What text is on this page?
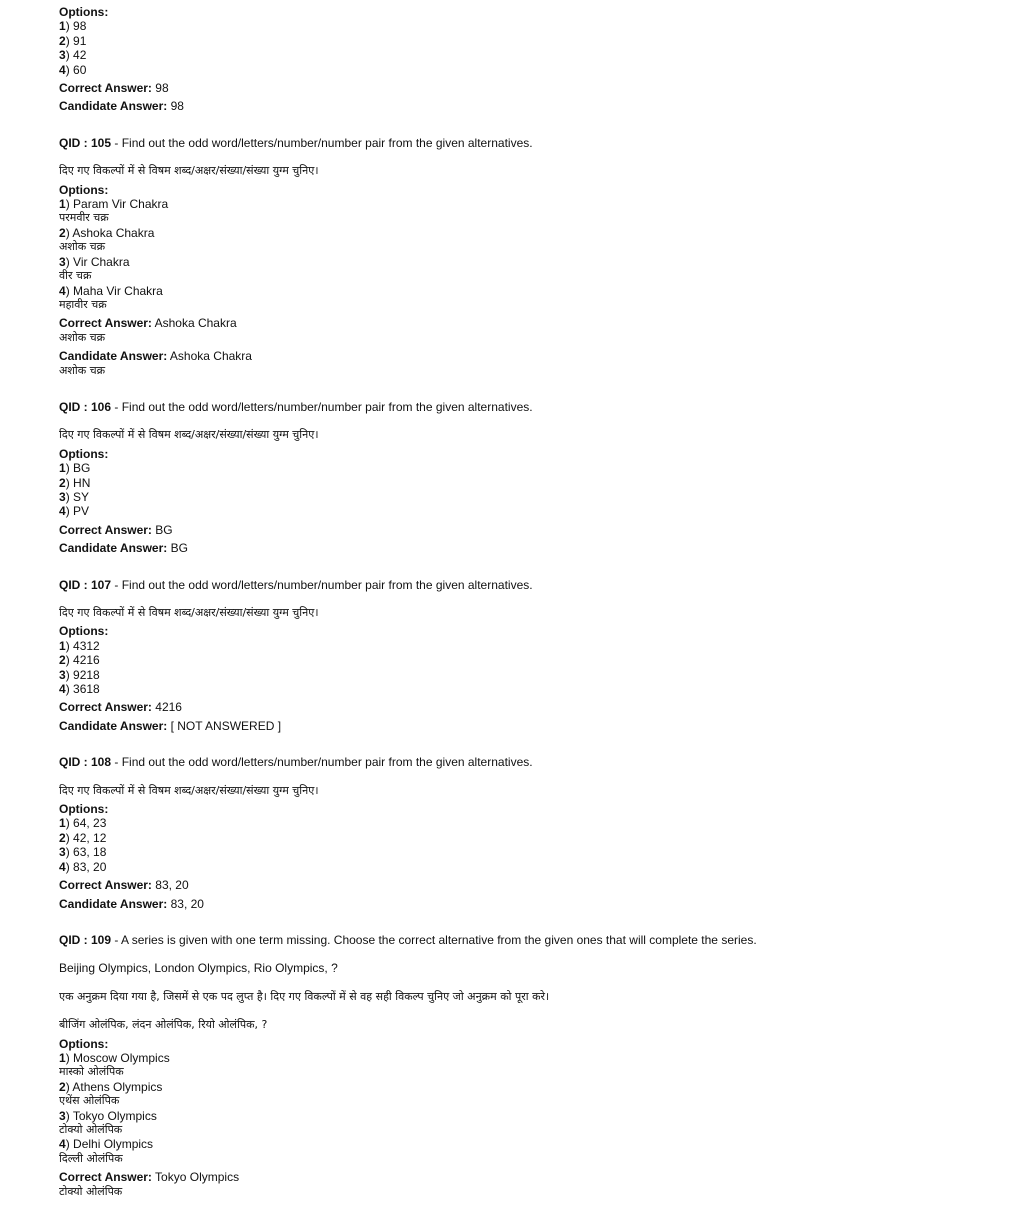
Options:
1) 98
2) 91
3) 42
4) 60
Correct Answer: 98
Candidate Answer: 98
QID : 105 - Find out the odd word/letters/number/number pair from the given alternatives.
दिए गए विकल्पों में से विषम शब्द/अक्षर/संख्या/संख्या युग्म चुनिए।
Options:
1) Param Vir Chakra
परमवीर चक्र
2) Ashoka Chakra
अशोक चक्र
3) Vir Chakra
वीर चक्र
4) Maha Vir Chakra
महावीर चक्र
Correct Answer: Ashoka Chakra
अशोक चक्र
Candidate Answer: Ashoka Chakra
अशोक चक्र
QID : 106 - Find out the odd word/letters/number/number pair from the given alternatives.
दिए गए विकल्पों में से विषम शब्द/अक्षर/संख्या/संख्या युग्म चुनिए।
Options:
1) BG
2) HN
3) SY
4) PV
Correct Answer: BG
Candidate Answer: BG
QID : 107 - Find out the odd word/letters/number/number pair from the given alternatives.
दिए गए विकल्पों में से विषम शब्द/अक्षर/संख्या/संख्या युग्म चुनिए।
Options:
1) 4312
2) 4216
3) 9218
4) 3618
Correct Answer: 4216
Candidate Answer: [ NOT ANSWERED ]
QID : 108 - Find out the odd word/letters/number/number pair from the given alternatives.
दिए गए विकल्पों में से विषम शब्द/अक्षर/संख्या/संख्या युग्म चुनिए।
Options:
1) 64, 23
2) 42, 12
3) 63, 18
4) 83, 20
Correct Answer: 83, 20
Candidate Answer: 83, 20
QID : 109 - A series is given with one term missing. Choose the correct alternative from the given ones that will complete the series.
Beijing Olympics, London Olympics, Rio Olympics, ?
एक अनुक्रम दिया गया है, जिसमें से एक पद लुप्त है। दिए गए विकल्पों में से वह सही विकल्प चुनिए जो अनुक्रम को पूरा करे।
बीजिंग ओलंपिक, लंदन ओलंपिक, रियो ओलंपिक, ?
Options:
1) Moscow Olympics
मास्को ओलंपिक
2) Athens Olympics
एथेंस ओलंपिक
3) Tokyo Olympics
टोक्यो ओलंपिक
4) Delhi Olympics
दिल्ली ओलंपिक
Correct Answer: Tokyo Olympics
टोक्यो ओलंपिक
